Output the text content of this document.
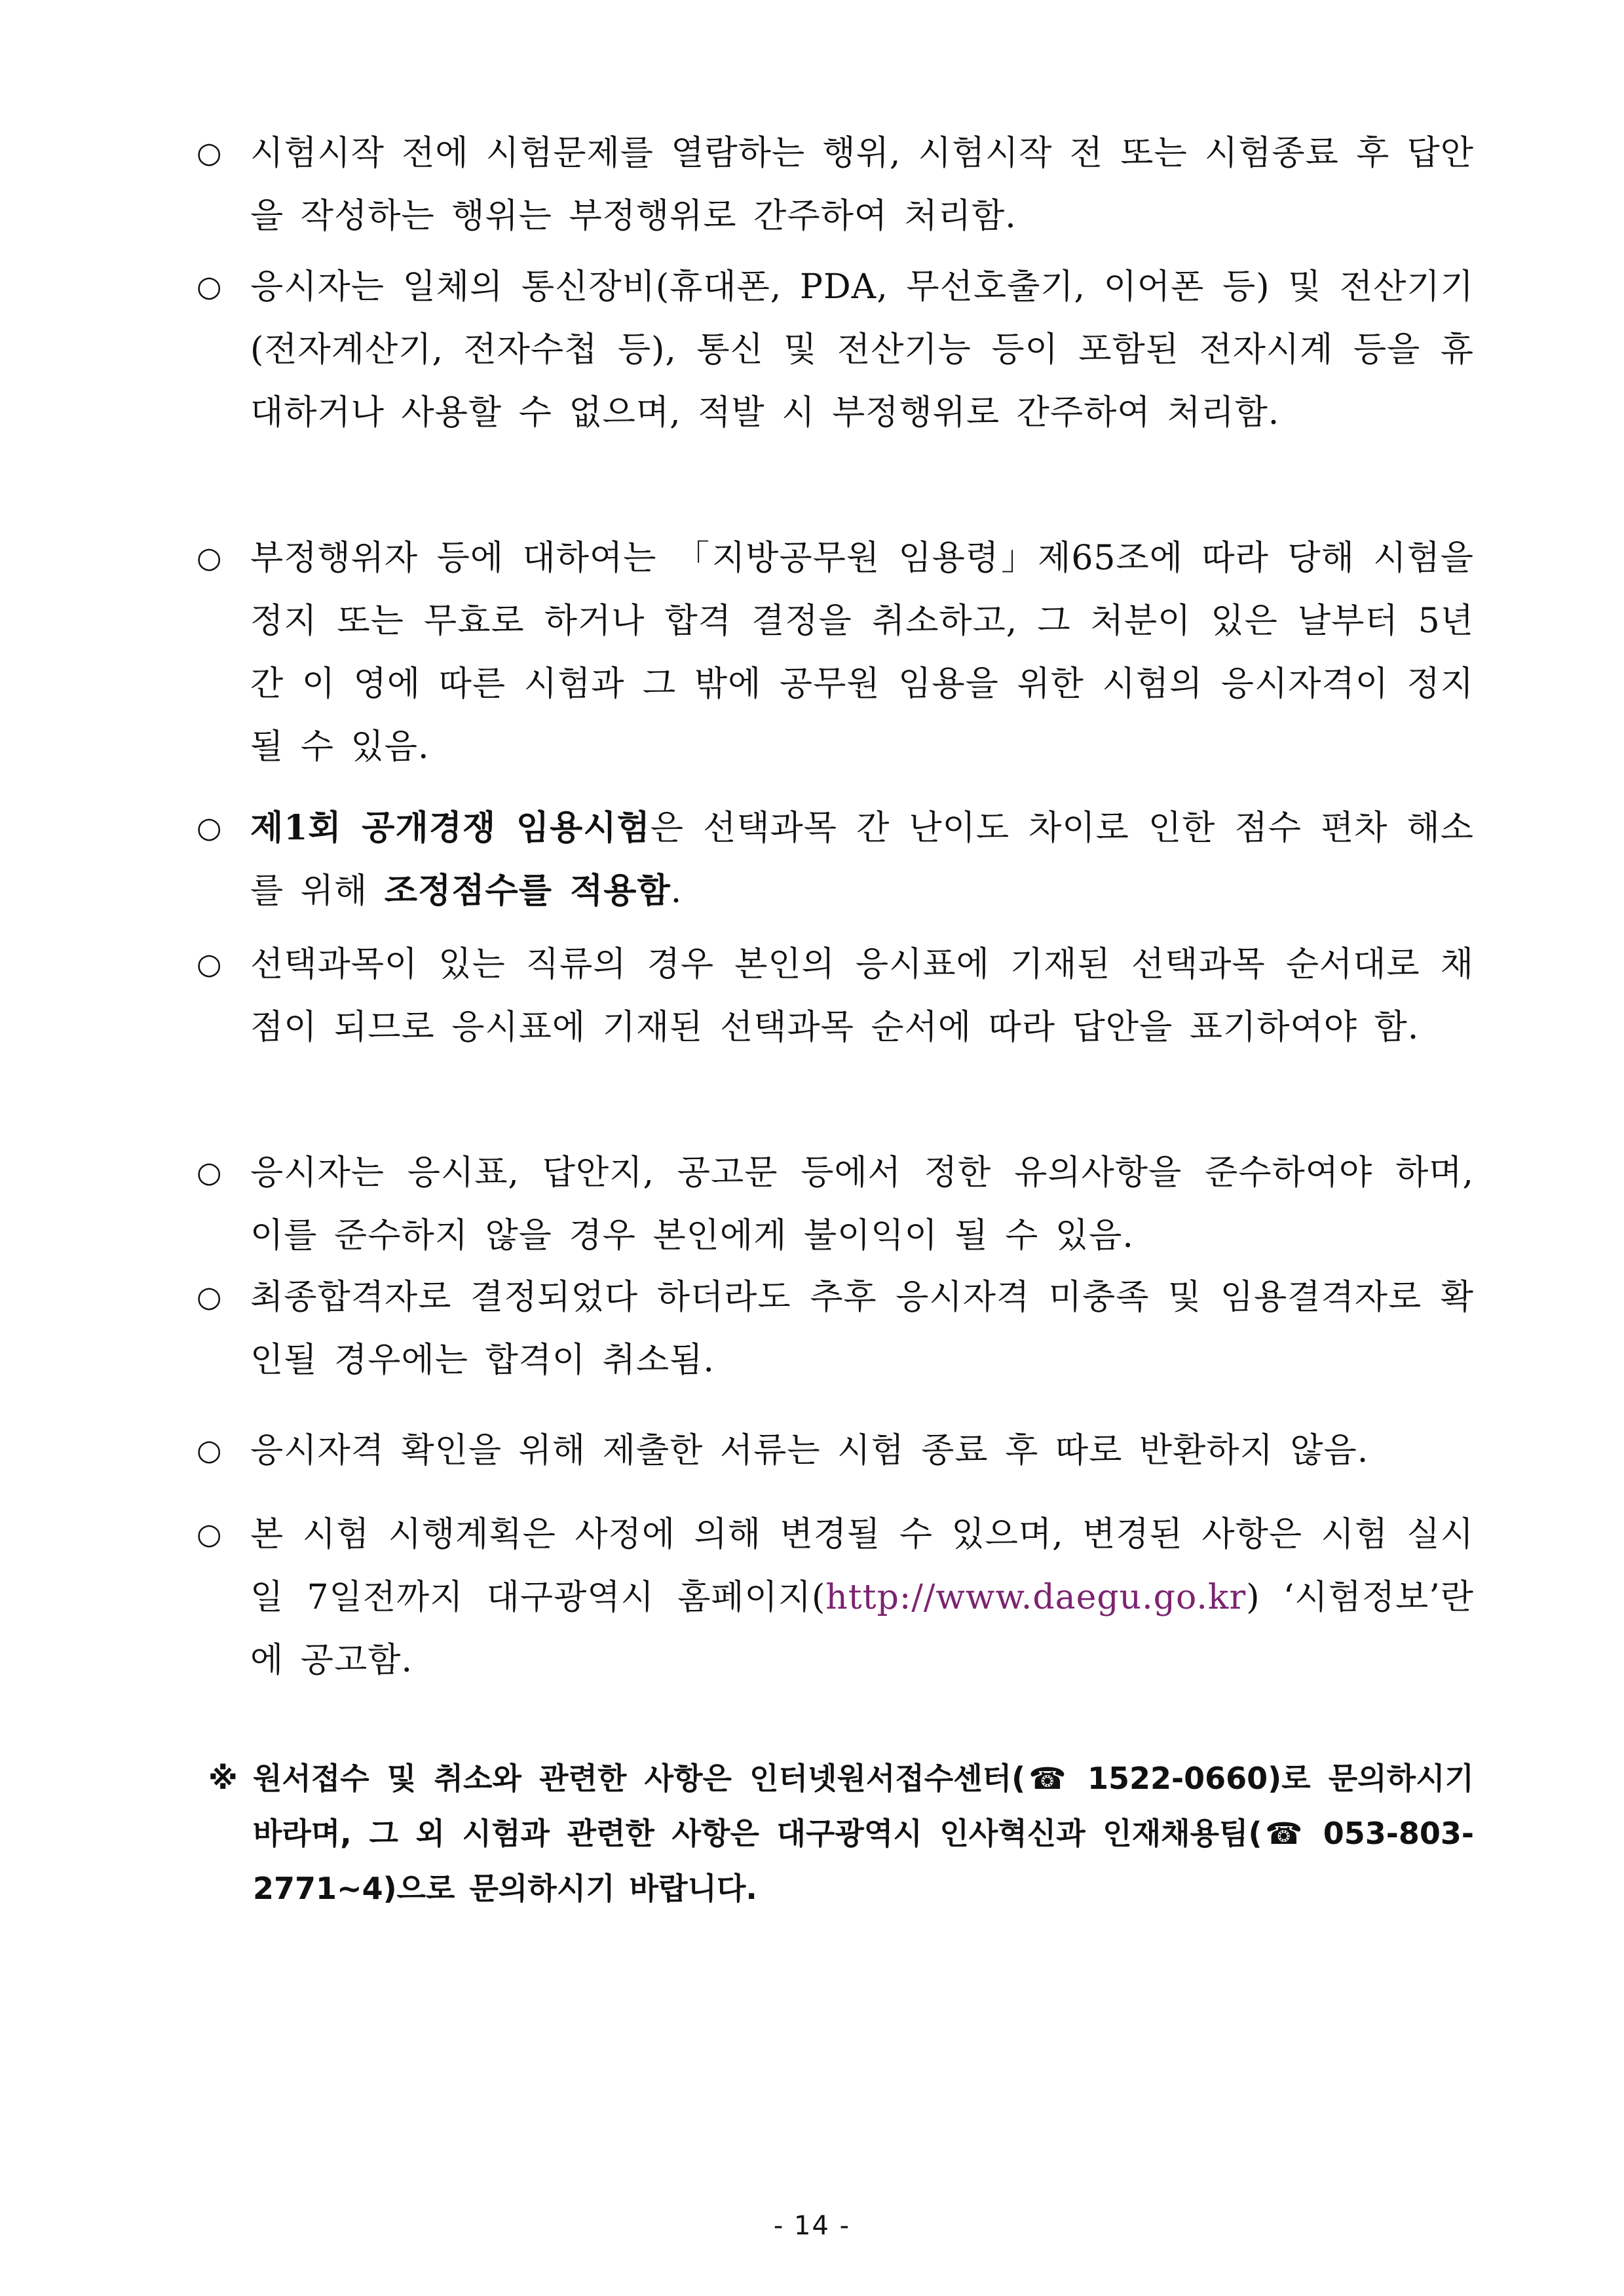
○ 시험시작 전에 시험문제를 열람하는 행위, 시험시작 전 또는 시험종료 후 답안을 작성하는 행위는 부정행위로 간주하여 처리함.
○ 응시자는 일체의 통신장비(휴대폰, PDA, 무선호출기, 이어폰 등) 및 전산기기(전자계산기, 전자수첩 등), 통신 및 전산기능 등이 포함된 전자시계 등을 휴대하거나 사용할 수 없으며, 적발 시 부정행위로 간주하여 처리함.
○ 부정행위자 등에 대하여는 「지방공무원 임용령」제65조에 따라 당해 시험을 정지 또는 무효로 하거나 합격 결정을 취소하고, 그 처분이 있은 날부터 5년간 이 영에 따른 시험과 그 밖에 공무원 임용을 위한 시험의 응시자격이 정지될 수 있음.
○ 제1회 공개경쟁 임용시험은 선택과목 간 난이도 차이로 인한 점수 편차 해소를 위해 조정점수를 적용함.
○ 선택과목이 있는 직류의 경우 본인의 응시표에 기재된 선택과목 순서대로 채점이 되므로 응시표에 기재된 선택과목 순서에 따라 답안을 표기하여야 함.
○ 응시자는 응시표, 답안지, 공고문 등에서 정한 유의사항을 준수하여야 하며, 이를 준수하지 않을 경우 본인에게 불이익이 될 수 있음.
○ 최종합격자로 결정되었다 하더라도 추후 응시자격 미충족 및 임용결격자로 확인될 경우에는 합격이 취소됨.
○ 응시자격 확인을 위해 제출한 서류는 시험 종료 후 따로 반환하지 않음.
○ 본 시험 시행계획은 사정에 의해 변경될 수 있으며, 변경된 사항은 시험 실시일 7일전까지 대구광역시 홈페이지(http://www.daegu.go.kr) ‘시험정보’란에 공고함.
※ 원서접수 및 취소와 관련한 사항은 인터넷원서접수센터(☎ 1522-0660)로 문의하시기 바라며, 그 외 시험과 관련한 사항은 대구광역시 인사혁신과 인재채용팀(☎ 053-803-2771∼4)으로 문의하시기 바랍니다.
- 14 -
